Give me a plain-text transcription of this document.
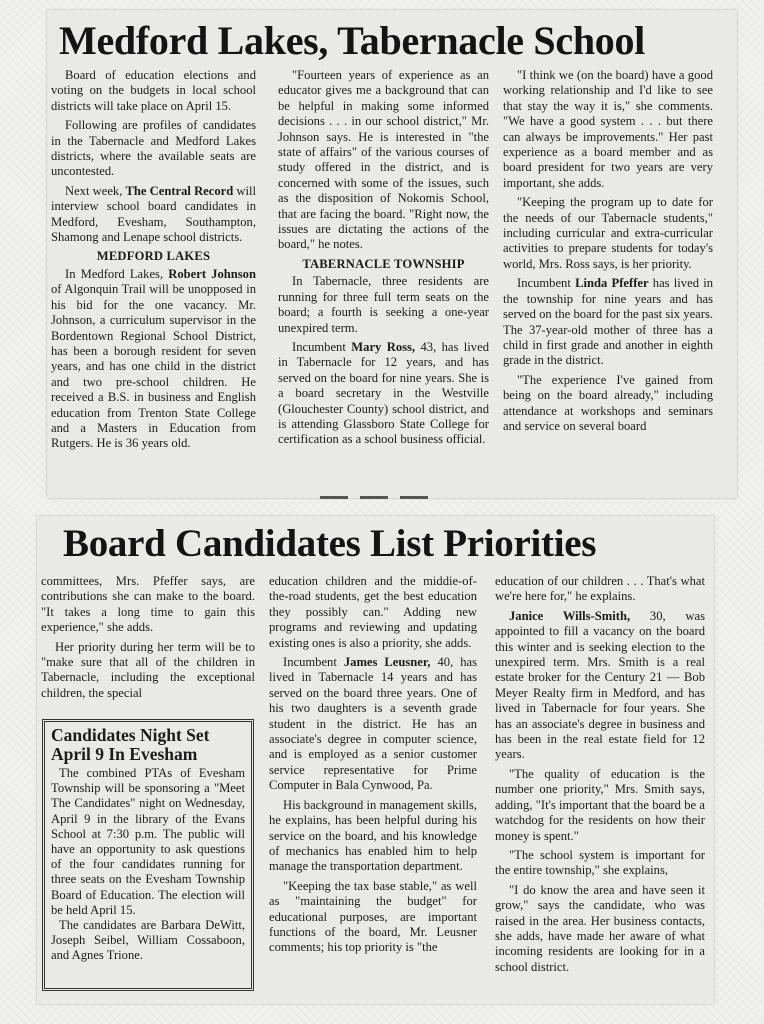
Medford Lakes, Tabernacle School

Board of education elections and voting on the budgets in local school districts will take place on April 15.

Following are profiles of candidates in the Tabernacle and Medford Lakes districts, where the available seats are uncontested.

Next week, The Central Record will interview school board candidates in Medford, Evesham, Southampton, Shamong and Lenape school districts.

MEDFORD LAKES

In Medford Lakes, Robert Johnson of Algonquin Trail will be unopposed in his bid for the one vacancy. Mr. Johnson, a curriculum supervisor in the Bordentown Regional School District, has been a borough resident for seven years, and has one child in the district and two pre-school children. He received a B.S. in business and English education from Trenton State College and a Masters in Education from Rutgers. He is 36 years old.

"Fourteen years of experience as an educator gives me a background that can be helpful in making some informed decisions . . . in our school district," Mr. Johnson says. He is interested in "the state of affairs" of the various courses of study offered in the district, and is concerned with some of the issues, such as the disposition of Nokomis School, that are facing the board. "Right now, the issues are dictating the actions of the board," he notes.

TABERNACLE TOWNSHIP

In Tabernacle, three residents are running for three full term seats on the board; a fourth is seeking a one-year unexpired term.

Incumbent Mary Ross, 43, has lived in Tabernacle for 12 years, and has served on the board for nine years. She is a board secretary in the Westville (Glouchester County) school district, and is attending Glassboro State College for certification as a school business official.

"I think we (on the board) have a good working relationship and I'd like to see that stay the way it is," she comments. "We have a good system . . . but there can always be improvements." Her past experience as a board member and as board president for two years are very important, she adds.

"Keeping the program up to date for the needs of our Tabernacle students," including curricular and extra-curricular activities to prepare students for today's world, Mrs. Ross says, is her priority.

Incumbent Linda Pfeffer has lived in the township for nine years and has served on the board for the past six years. The 37-year-old mother of three has a child in first grade and another in eighth grade in the district.

"The experience I've gained from being on the board already," including attendance at workshops and seminars and service on several board

Board Candidates List Priorities

committees, Mrs. Pfeffer says, are contributions she can make to the board. "It takes a long time to gain this experience," she adds.

Her priority during her term will be to "make sure that all of the children in Tabernacle, including the exceptional children, the special

Candidates Night Set April 9 In Evesham

The combined PTAs of Evesham Township will be sponsoring a "Meet The Candidates" night on Wednesday, April 9 in the library of the Evans School at 7:30 p.m. The public will have an opportunity to ask questions of the four candidates running for three seats on the Evesham Township Board of Education. The election will be held April 15.

The candidates are Barbara DeWitt, Joseph Seibel, William Cossaboon, and Agnes Trione.

education children and the middie-of-the-road students, get the best education they possibly can." Adding new programs and reviewing and updating existing ones is also a priority, she adds.

Incumbent James Leusner, 40, has lived in Tabernacle 14 years and has served on the board three years. One of his two daughters is a seventh grade student in the district. He has an associate's degree in computer science, and is employed as a senior customer service representative for Prime Computer in Bala Cynwood, Pa.

His background in management skills, he explains, has been helpful during his service on the board, and his knowledge of mechanics has enabled him to help manage the transportation department.

"Keeping the tax base stable," as well as "maintaining the budget" for educational purposes, are important functions of the board, Mr. Leusner comments; his top priority is "the

education of our children . . . That's what we're here for," he explains.

Janice Wills-Smith, 30, was appointed to fill a vacancy on the board this winter and is seeking election to the unexpired term. Mrs. Smith is a real estate broker for the Century 21 — Bob Meyer Realty firm in Medford, and has lived in Tabernacle for four years. She has an associate's degree in business and has been in the real estate field for 12 years.

"The quality of education is the number one priority," Mrs. Smith says, adding, "It's important that the board be a watchdog for the residents on how their money is spent."

"The school system is important for the entire township," she explains,

"I do know the area and have seen it grow," says the candidate, who was raised in the area. Her business contacts, she adds, have made her aware of what incoming residents are looking for in a school district.
